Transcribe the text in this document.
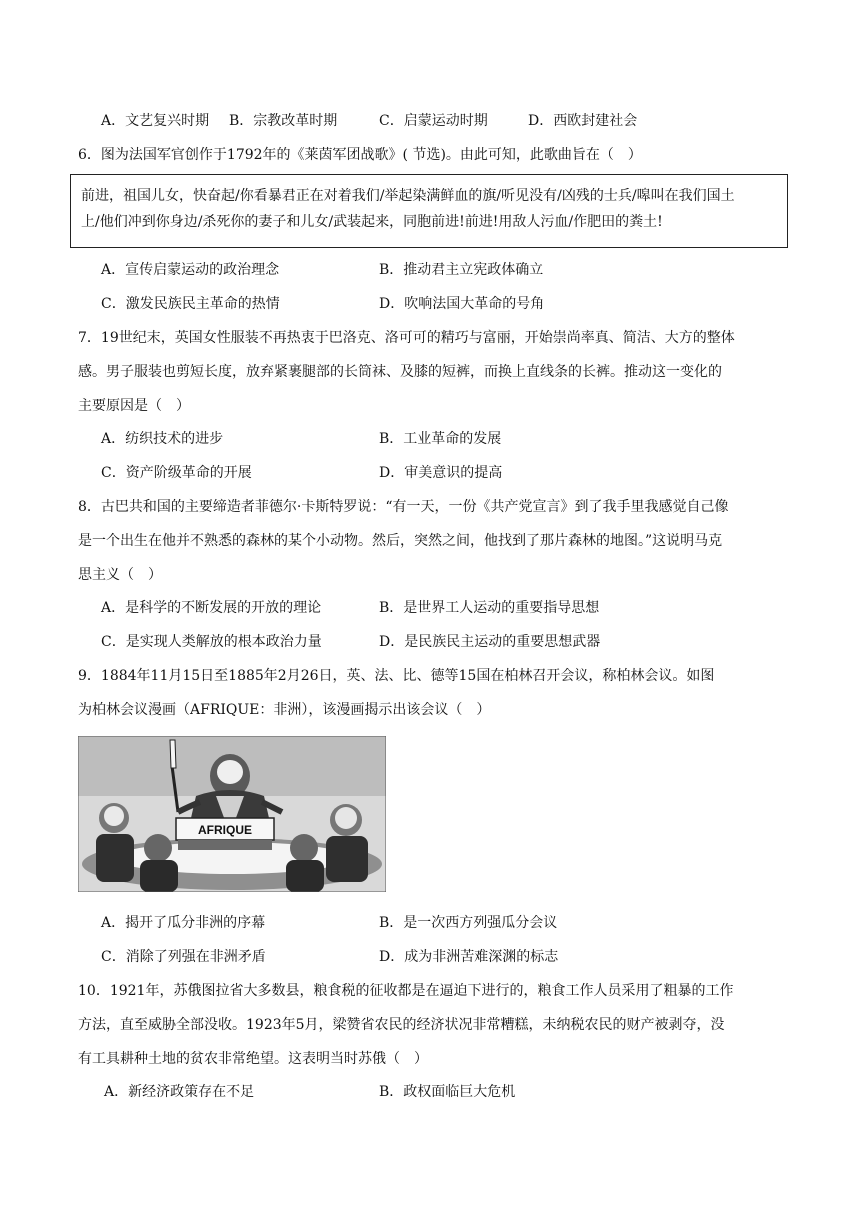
A．文艺复兴时期 B．宗教改革时期	C．启蒙运动时期	D．西欧封建社会
6．图为法国军官创作于1792年的《莱茵军团战歌》( 节选)。由此可知，此歌曲旨在（　）
前进，祖国儿女，快奋起/你看暴君正在对着我们/举起染满鲜血的旗/听见没有/凶残的士兵/嗥叫在我们国土
上/他们冲到你身边/杀死你的妻子和儿女/武装起来，同胞前进!前进!用敌人污血/作肥田的粪土!
A．宣传启蒙运动的政治理念	B．推动君主立宪政体确立
C．激发民族民主革命的热情	D．吹响法国大革命的号角
7．19世纪末，英国女性服装不再热衷于巴洛克、洛可可的精巧与富丽，开始崇尚率真、简洁、大方的整体
感。男子服装也剪短长度，放弃紧裹腿部的长筒袜、及膝的短裤，而换上直线条的长裤。推动这一变化的
主要原因是（　）
A．纺织技术的进步	B．工业革命的发展
C．资产阶级革命的开展	D．审美意识的提高
8．古巴共和国的主要缔造者菲德尔·卡斯特罗说：“有一天，一份《共产党宣言》到了我手里我感觉自己像
是一个出生在他并不熟悉的森林的某个小动物。然后，突然之间，他找到了那片森林的地图。”这说明马克
思主义（　）
A．是科学的不断发展的开放的理论	B．是世界工人运动的重要指导思想
C．是实现人类解放的根本政治力量	D．是民族民主运动的重要思想武器
9．1884年11月15日至1885年2月26日，英、法、比、德等15国在柏林召开会议，称柏林会议。如图
为柏林会议漫画（AFRIQUE：非洲），该漫画揭示出该会议（　）
AFRIQUE
A．揭开了瓜分非洲的序幕	B．是一次西方列强瓜分会议
C．消除了列强在非洲矛盾	D．成为非洲苦难深渊的标志
10．1921年，苏俄图拉省大多数县，粮食税的征收都是在逼迫下进行的，粮食工作人员采用了粗暴的工作
方法，直至威胁全部没收。1923年5月，梁赞省农民的经济状况非常糟糕，未纳税农民的财产被剥夺，没
有工具耕种土地的贫农非常绝望。这表明当时苏俄（　）
A．新经济政策存在不足	B．政权面临巨大危机
